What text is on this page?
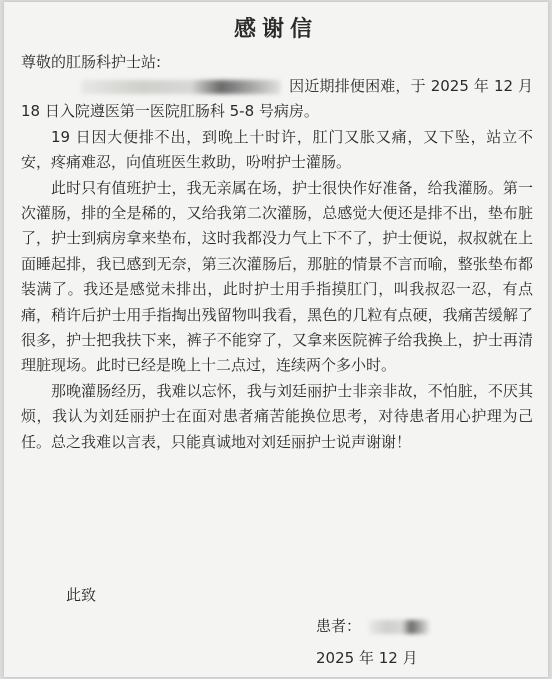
感谢信
尊敬的肛肠科护士站:

因近期排便困难，于 2025 年 12 月 18 日入院遵医第一医院肛肠科 5-8 号病房。

19 日因大便排不出，到晚上十时许，肛门又胀又痛，又下坠，站立不安，疼痛难忍，向值班医生救助，吩咐护士灌肠。

此时只有值班护士，我无亲属在场，护士很快作好准备，给我灌肠。第一次灌肠，排的全是稀的，又给我第二次灌肠，总感觉大便还是排不出，垫布脏了，护士到病房拿来垫布，这时我都没力气上下不了，护士便说，叔叔就在上面睡起排，我已感到无奈，第三次灌肠后，那脏的情景不言而喻，整张垫布都装满了。我还是感觉未排出，此时护士用手指摸肛门，叫我叔忍一忍，有点痛，稍许后护士用手指掏出残留物叫我看，黑色的几粒有点硬，我痛苦缓解了很多，护士把我扶下来，裤子不能穿了，又拿来医院裤子给我换上，护士再清理脏现场。此时已经是晚上十二点过，连续两个多小时。

那晚灌肠经历，我难以忘怀，我与刘廷丽护士非亲非故，不怕脏，不厌其烦，我认为刘廷丽护士在面对患者痛苦能换位思考，对待患者用心护理为己任。总之我难以言表，只能真诚地对刘廷丽护士说声谢谢！

此致
患者：
2025 年 12 月
